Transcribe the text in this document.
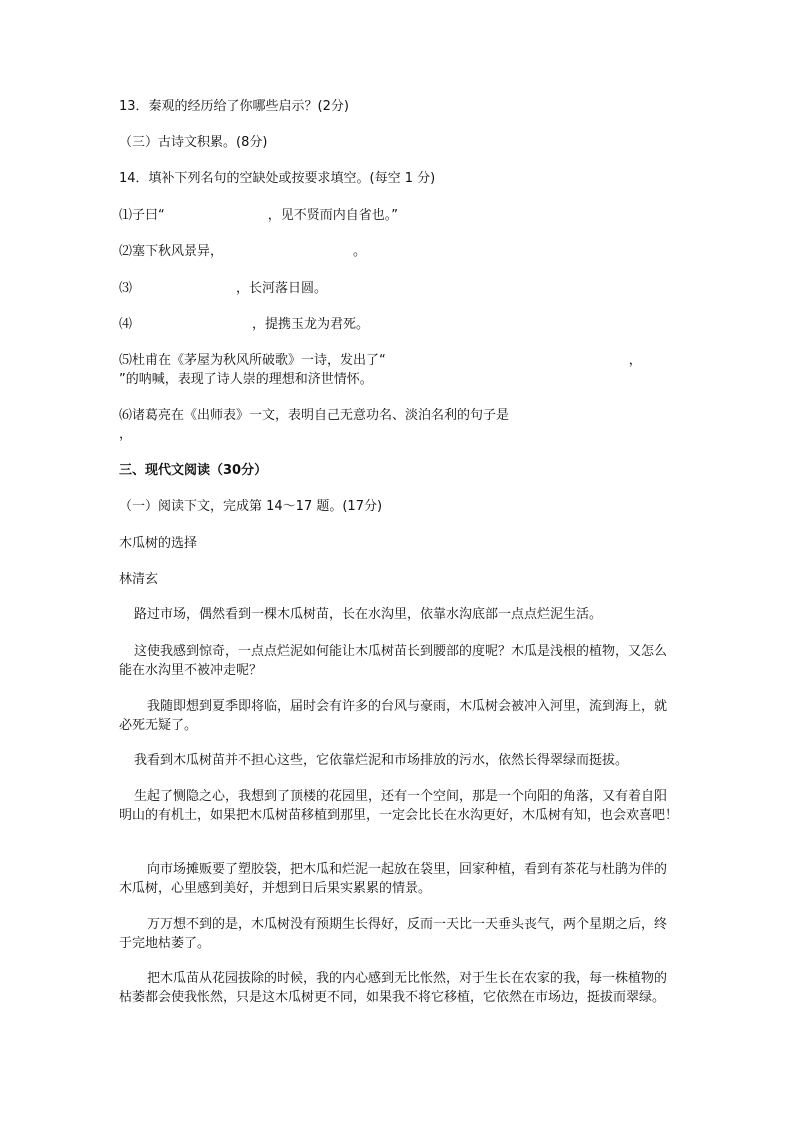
13．秦观的经历给了你哪些启示？(2分)

（三）古诗文积累。(8分)

14．填补下列名句的空缺处或按要求填空。(每空 1 分)

⑴子曰“	，见不贤而内自省也。”

⑵塞下秋风景异，	。

⑶	，长河落日圆。

⑷	，提携玉龙为君死。

⑸杜甫在《茅屋为秋风所破歌》一诗，发出了“	，

”的呐喊，表现了诗人崇的理想和济世情怀。

⑹诸葛亮在《出师表》一文，表明自己无意功名、淡泊名利的句子是

，

三、现代文阅读（30分）

（一）阅读下文，完成第 14～17 题。(17分)

木瓜树的选择

林清玄

路过市场，偶然看到一棵木瓜树苗，长在水沟里，依靠水沟底部一点点烂泥生活。

这使我感到惊奇，一点点烂泥如何能让木瓜树苗长到腰部的度呢？木瓜是浅根的植物，又怎么能在水沟里不被冲走呢？

我随即想到夏季即将临，届时会有许多的台风与豪雨，木瓜树会被冲入河里，流到海上，就必死无疑了。

我看到木瓜树苗并不担心这些，它依靠烂泥和市场排放的污水，依然长得翠绿而挺拔。

生起了恻隐之心，我想到了顶楼的花园里，还有一个空间，那是一个向阳的角落，又有着自阳明山的有机土，如果把木瓜树苗移植到那里，一定会比长在水沟更好，木瓜树有知，也会欢喜吧！

向市场摊贩要了塑胶袋，把木瓜和烂泥一起放在袋里，回家种植，看到有茶花与杜鹃为伴的木瓜树，心里感到美好，并想到日后果实累累的情景。

万万想不到的是，木瓜树没有预期生长得好，反而一天比一天垂头丧气，两个星期之后，终于完地枯萎了。

把木瓜苗从花园拔除的时候，我的内心感到无比怅然，对于生长在农家的我，每一株植物的枯萎都会使我怅然，只是这木瓜树更不同，如果我不将它移植，它依然在市场边，挺拔而翠绿。
